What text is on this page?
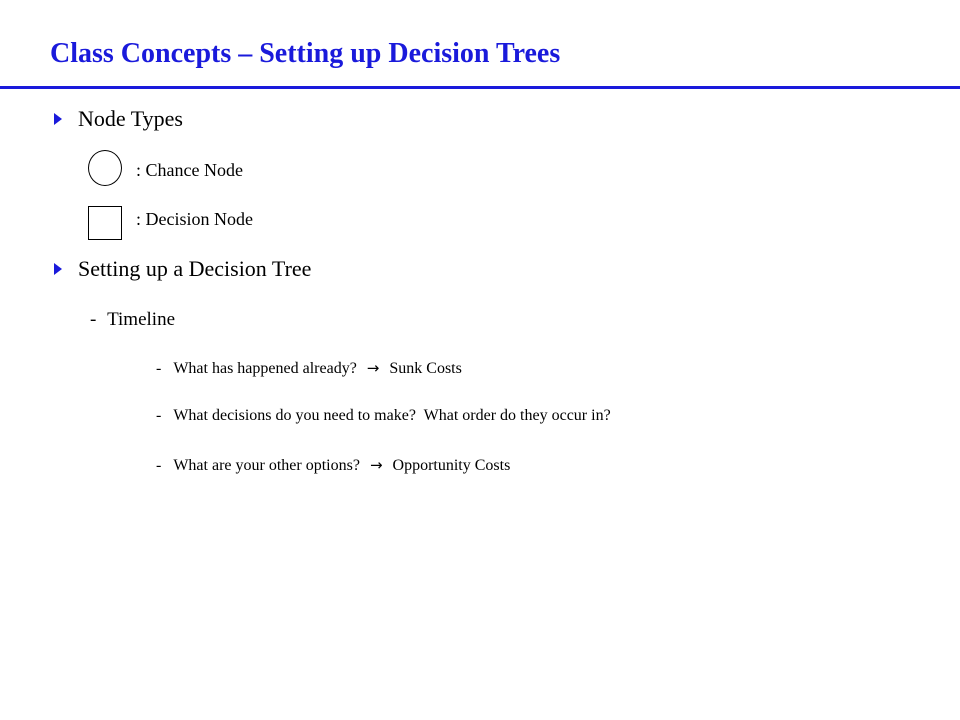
Class Concepts – Setting up Decision Trees
Node Types
: Chance Node
: Decision Node
Setting up a Decision Tree
- Timeline
- What has happened already? → Sunk Costs
- What decisions do you need to make?  What order do they occur in?
- What are your other options? → Opportunity Costs
